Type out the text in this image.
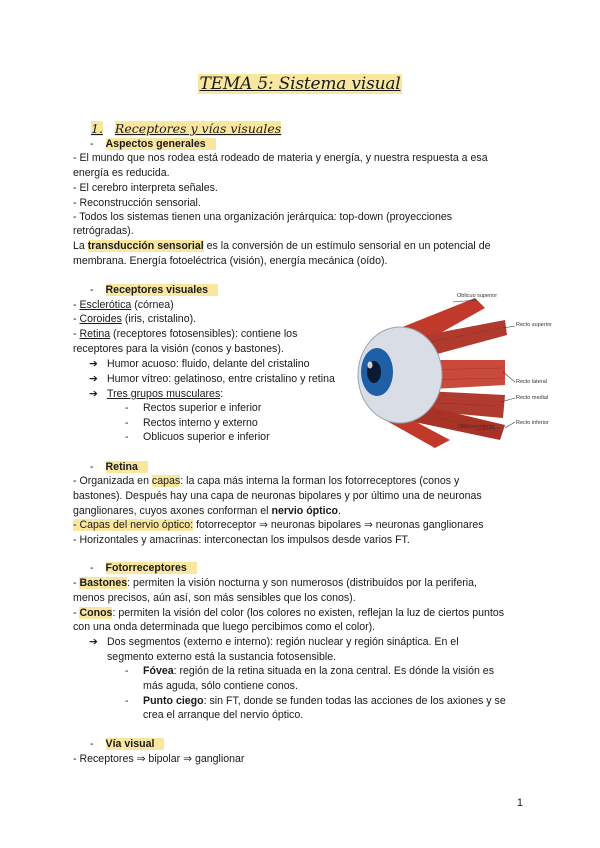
TEMA 5: Sistema visual
1. Receptores y vías visuales
- Aspectos generales
- El mundo que nos rodea está rodeado de materia y energía, y nuestra respuesta a esa
energía es reducida.
- El cerebro interpreta señales.
- Reconstrucción sensorial.
- Todos los sistemas tienen una organización jerárquica: top-down (proyecciones
retrógradas).
La transducción sensorial es la conversión de un estímulo sensorial en un potencial de
membrana. Energía fotoeléctrica (visión), energía mecánica (oído).
- Receptores visuales
- Esclerótica (córnea)
- Coroides (iris, cristalino).
- Retina (receptores fotosensibles): contiene los
receptores para la visión (conos y bastones).
➔ Humor acuoso: fluido, delante del cristalino
➔ Humor vítreo: gelatinoso, entre cristalino y retina
➔ Tres grupos musculares:
- Rectos superior e inferior
- Rectos interno y externo
- Oblicuos superior e inferior
Oblicuo superior
Recto superior
Recto lateral
Recto medial
Oblicuo inferior
Recto inferior
- Retina
- Organizada en capas: la capa más interna la forman los fotorreceptores (conos y
bastones). Después hay una capa de neuronas bipolares y por último una de neuronas
ganglionares, cuyos axones conforman el nervio óptico.
- Capas del nervio óptico: fotorreceptor ⇒ neuronas bipolares ⇒ neuronas ganglionares
- Horizontales y amacrinas: interconectan los impulsos desde varios FT.
- Fotorreceptores
- Bastones: permiten la visión nocturna y son numerosos (distribuidos por la periferia,
menos precisos, aún así, son más sensibles que los conos).
- Conos: permiten la visión del color (los colores no existen, reflejan la luz de ciertos puntos
con una onda determinada que luego percibimos como el color).
➔ Dos segmentos (externo e interno): región nuclear y región sináptica. En el
segmento externo está la sustancia fotosensible.
- Fóvea: región de la retina situada en la zona central. Es dónde la visión es
más aguda, sólo contiene conos.
- Punto ciego: sin FT, donde se funden todas las acciones de los axiones y se
crea el arranque del nervio óptico.
- Vía visual
- Receptores ⇒ bipolar ⇒ ganglionar
1
